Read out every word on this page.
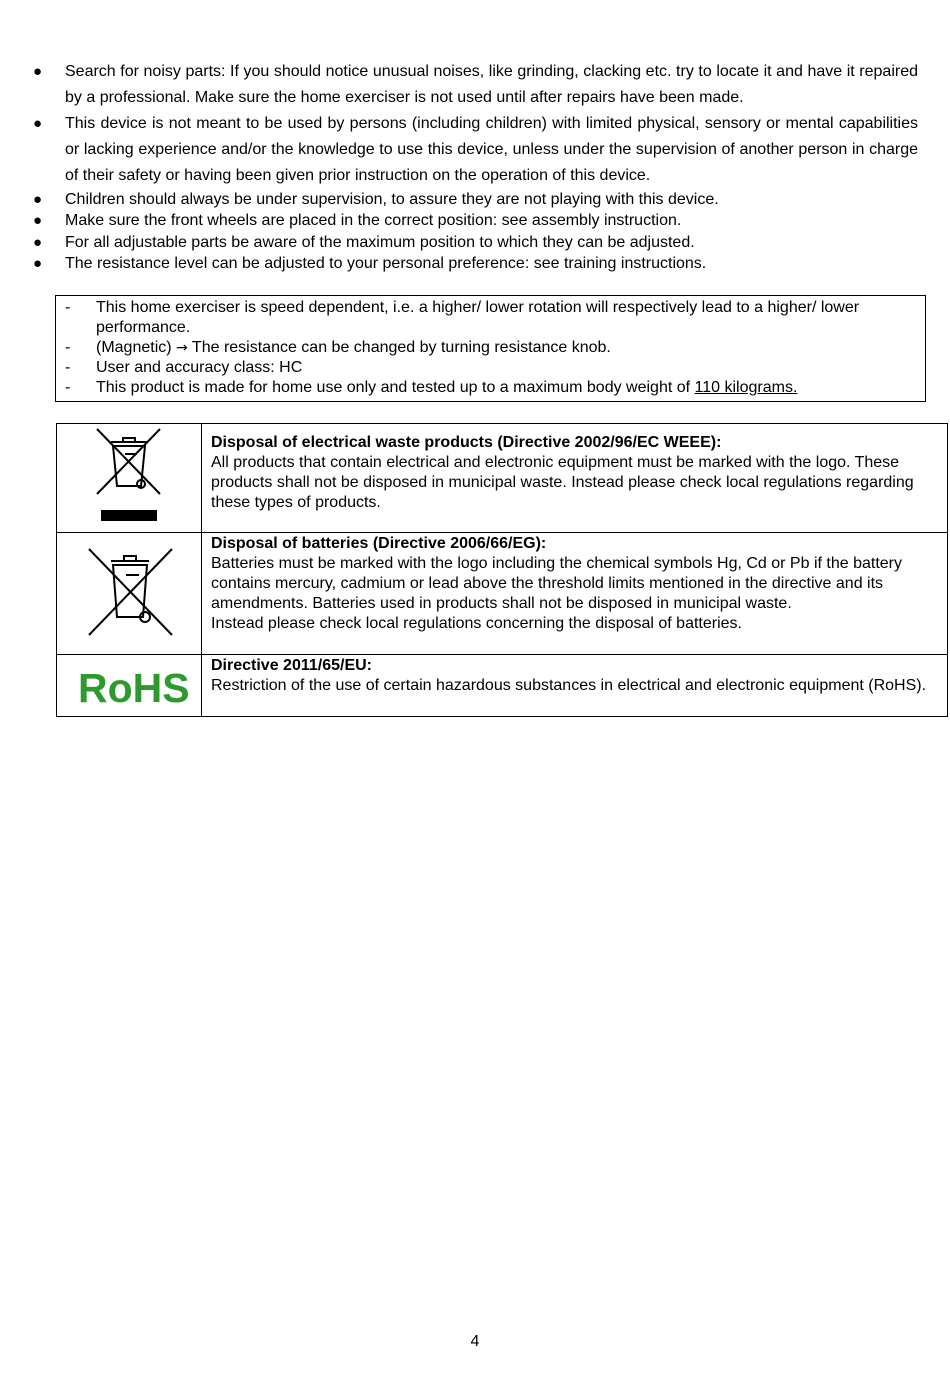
● Search for noisy parts: If you should notice unusual noises, like grinding, clacking etc. try to locate it and have it repaired by a professional. Make sure the home exerciser is not used until after repairs have been made.
● This device is not meant to be used by persons (including children) with limited physical, sensory or mental capabilities or lacking experience and/or the knowledge to use this device, unless under the supervision of another person in charge of their safety or having been given prior instruction on the operation of this device.
● Children should always be under supervision, to assure they are not playing with this device.
● Make sure the front wheels are placed in the correct position: see assembly instruction.
● For all adjustable parts be aware of the maximum position to which they can be adjusted.
● The resistance level can be adjusted to your personal preference: see training instructions.
- This home exerciser is speed dependent, i.e. a higher/ lower rotation will respectively lead to a higher/ lower performance.
- (Magnetic) → The resistance can be changed by turning resistance knob.
- User and accuracy class: HC
- This product is made for home use only and tested up to a maximum body weight of 110 kilograms.

Disposal of electrical waste products (Directive 2002/96/EC WEEE):
All products that contain electrical and electronic equipment must be marked with the logo. These products shall not be disposed in municipal waste. Instead please check local regulations regarding these types of products.

Disposal of batteries (Directive 2006/66/EG):
Batteries must be marked with the logo including the chemical symbols Hg, Cd or Pb if the battery contains mercury, cadmium or lead above the threshold limits mentioned in the directive and its amendments. Batteries used in products shall not be disposed in municipal waste.
Instead please check local regulations concerning the disposal of batteries.

RoHS	Directive 2011/65/EU:
Restriction of the use of certain hazardous substances in electrical and electronic equipment (RoHS).
4
